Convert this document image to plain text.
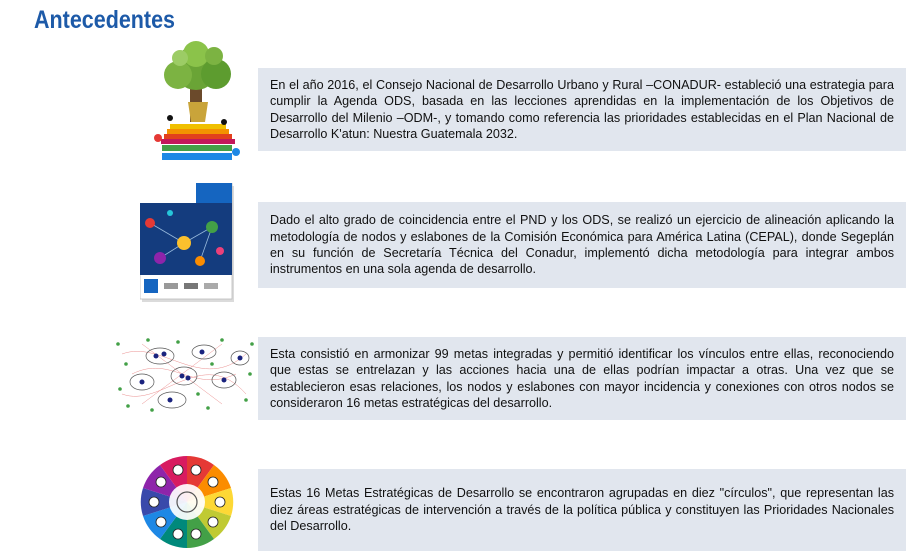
Antecedentes

En el año 2016, el Consejo Nacional de Desarrollo Urbano y Rural –CONADUR- estableció una estrategia para cumplir la Agenda ODS, basada en las lecciones aprendidas en la implementación de los Objetivos de Desarrollo del Milenio –ODM-, y tomando como referencia las prioridades establecidas en el Plan Nacional de Desarrollo K'atun: Nuestra Guatemala 2032.

Dado el alto grado de coincidencia entre el PND y los ODS, se realizó un ejercicio de alineación aplicando la metodología de nodos y eslabones de la Comisión Económica para América Latina (CEPAL), donde Segeplán en su función de Secretaría Técnica del Conadur, implementó dicha metodología para integrar ambos instrumentos en una sola agenda de desarrollo.

Esta consistió en armonizar 99 metas integradas y permitió identificar los vínculos entre ellas, reconociendo que estas se entrelazan y las acciones hacia una de ellas podrían impactar a otras. Una vez que se establecieron esas relaciones, los nodos y eslabones con mayor incidencia y conexiones con otros nodos se consideraron 16 metas estratégicas del desarrollo.

Estas 16 Metas Estratégicas de Desarrollo se encontraron agrupadas en diez "círculos", que representan las diez áreas estratégicas de intervención a través de la política pública y constituyen las Prioridades Nacionales del Desarrollo.
